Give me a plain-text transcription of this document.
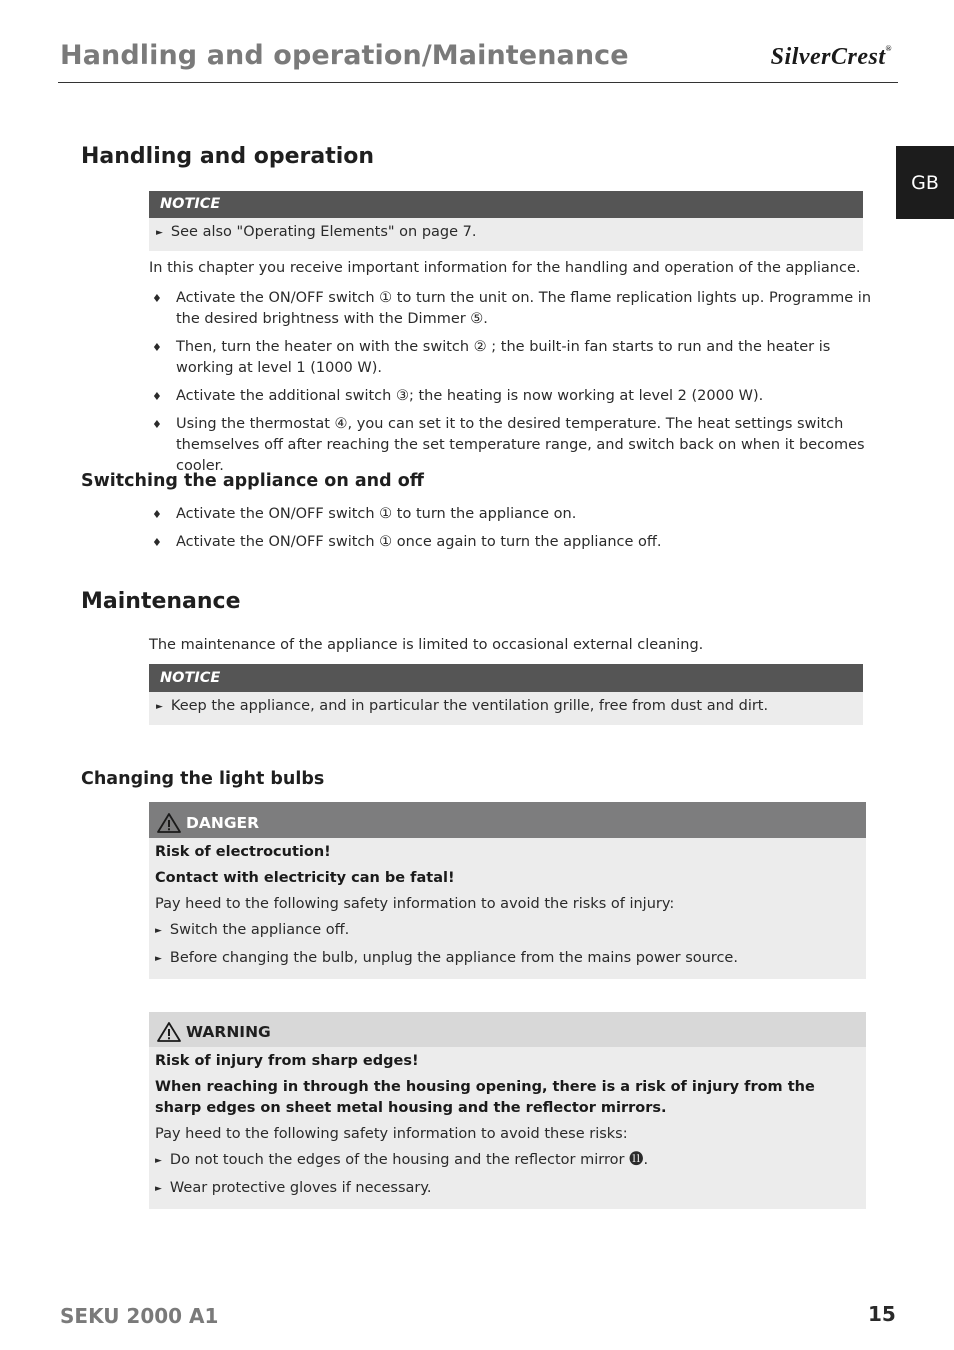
Handling and operation/Maintenance	SilverCrest®
GB
Handling and operation
NOTICE
► See also "Operating Elements" on page 7.

In this chapter you receive important information for the handling and operation of the appliance.

♦ Activate the ON/OFF switch ① to turn the unit on. The flame replication lights up. Programme in the desired brightness with the Dimmer ⑤.
♦ Then, turn the heater on with the switch ② ; the built-in fan starts to run and the heater is working at level 1 (1000 W).
♦ Activate the additional switch ③; the heating is now working at level 2 (2000 W).
♦ Using the thermostat ④, you can set it to the desired temperature. The heat settings switch themselves off after reaching the set temperature range, and switch back on when it becomes cooler.
Switching the appliance on and off
♦ Activate the ON/OFF switch ① to turn the appliance on.
♦ Activate the ON/OFF switch ① once again to turn the appliance off.
Maintenance

The maintenance of the appliance is limited to occasional external cleaning.

NOTICE
► Keep the appliance, and in particular the ventilation grille, free from dust and dirt.
Changing the light bulbs
DANGER
Risk of electrocution!
Contact with electricity can be fatal!
Pay heed to the following safety information to avoid the risks of injury:
► Switch the appliance off.
► Before changing the bulb, unplug the appliance from the mains power source.
WARNING
Risk of injury from sharp edges!
When reaching in through the housing opening, there is a risk of injury from the sharp edges on sheet metal housing and the reflector mirrors.
Pay heed to the following safety information to avoid these risks:
► Do not touch the edges of the housing and the reflector mirror ⓫.
► Wear protective gloves if necessary.
SEKU 2000 A1	15
